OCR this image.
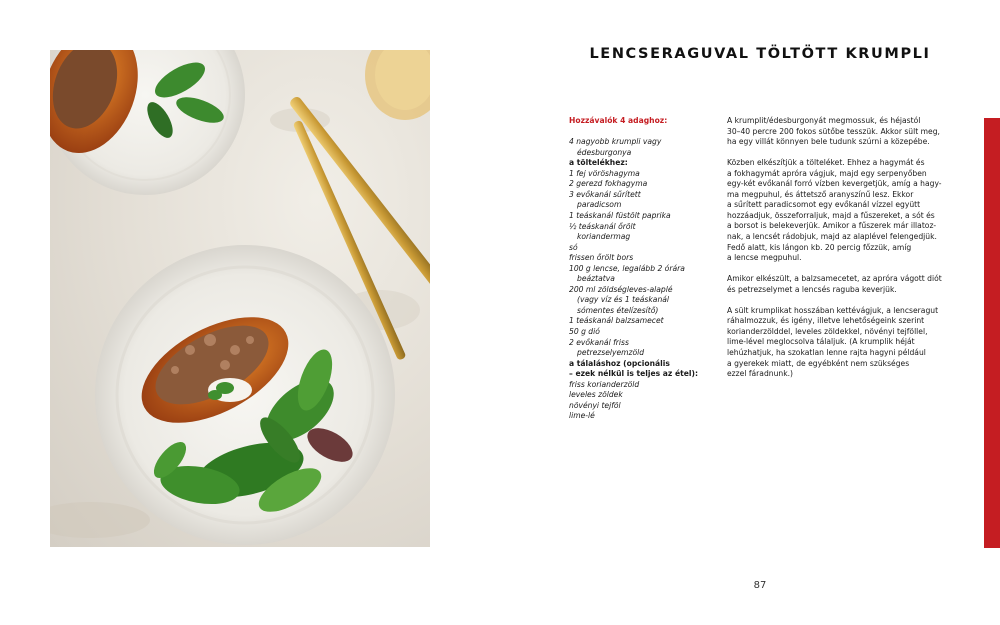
LENCSERAGUVAL TÖLTÖTT KRUMPLI
Hozzávalók 4 adaghoz:
4 nagyobb krumpli vagy
édesburgonya
a töltelékhez:
1 fej vöröshagyma
2 gerezd fokhagyma
3 evőkanál sűrített
paradicsom
1 teáskanál füstölt paprika
½ teáskanál őrölt
koriandermag
só
frissen őrölt bors
100 g lencse, legalább 2 órára
beáztatva
200 ml zöldségleves-alaplé
(vagy víz és 1 teáskanál
sómentes ételízesítő)
1 teáskanál balzsamecet
50 g dió
2 evőkanál friss
petrezselyemzöld
a tálaláshoz (opcionális
– ezek nélkül is teljes az étel):
friss korianderzöld
leveles zöldek
növényi tejföl
lime-lé

A krumplit/édesburgonyát megmossuk, és héjastól
30–40 percre 200 fokos sütőbe tesszük. Akkor sült meg,
ha egy villát könnyen bele tudunk szúrni a közepébe.

Közben elkészítjük a tölteléket. Ehhez a hagymát és
a fokhagymát apróra vágjuk, majd egy serpenyőben
egy-két evőkanál forró vízben kevergetjük, amíg a hagy-
ma megpuhul, és áttetsző aranyszínű lesz. Ekkor
a sűrített paradicsomot egy evőkanál vízzel együtt
hozzáadjuk, összeforraljuk, majd a fűszereket, a sót és
a borsot is belekeverjük. Amikor a fűszerek már illatoz-
nak, a lencsét rádobjuk, majd az alaplével felengedjük.
Fedő alatt, kis lángon kb. 20 percig főzzük, amíg
a lencse megpuhul.

Amikor elkészült, a balzsamecetet, az apróra vágott diót
és petrezselymet a lencsés raguba keverjük.

A sült krumplikat hosszában kettévágjuk, a lencseragut
ráhalmozzuk, és igény, illetve lehetőségeink szerint
korianderzölddel, leveles zöldekkel, növényi tejföllel,
lime-lével meglocsolva tálaljuk. (A krumplik héját
lehúzhatjuk, ha szokatlan lenne rajta hagyni például
a gyerekek miatt, de egyébként nem szükséges
ezzel fáradnunk.)

87
